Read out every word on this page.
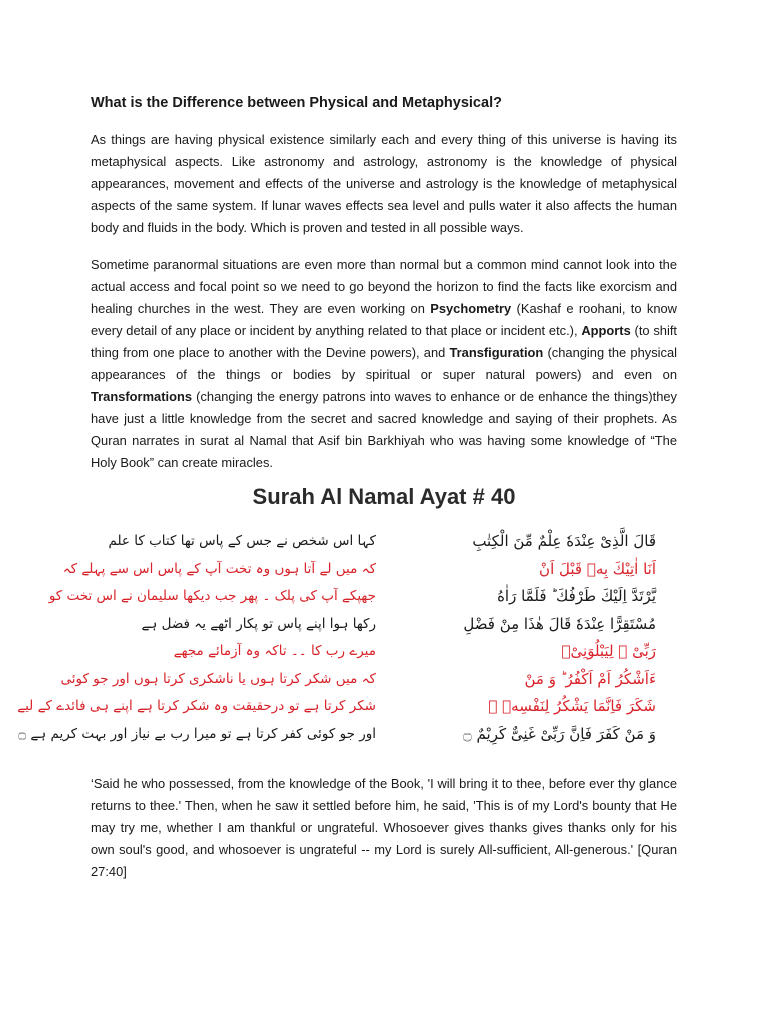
What is the Difference between Physical and Metaphysical?

As things are having physical existence similarly each and every thing of this universe is having its metaphysical aspects. Like astronomy and astrology, astronomy is the knowledge of physical appearances, movement and effects of the universe and astrology is the knowledge of metaphysical aspects of the same system. If lunar waves effects sea level and pulls water it also affects the human body and fluids in the body. Which is proven and tested in all possible ways.

Sometime paranormal situations are even more than normal but a common mind cannot look into the actual access and focal point so we need to go beyond the horizon to find the facts like exorcism and healing churches in the west. They are even working on Psychometry (Kashaf e roohani, to know every detail of any place or incident by anything related to that place or incident etc.), Apports (to shift thing from one place to another with the Devine powers), and Transfiguration (changing the physical appearances of the things or bodies by spiritual or super natural powers) and even on Transformations (changing the energy patrons into waves to enhance or de enhance the things)they have just a little knowledge from the secret and sacred knowledge and saying of their prophets. As Quran narrates in surat al Namal that Asif bin Barkhiyah who was having some knowledge of “The Holy Book” can create miracles.

Surah Al Namal Ayat # 40
کہا اس شخص نے جس کے پاس تھا کتاب کا علم
کہ میں لے آتا ہوں وہ تخت آپ کے پاس اس سے پہلے کہ
جھپکے آپ کی پلک ۔ پھر جب دیکھا سلیمان نے اس تخت کو
رکھا ہوا اپنے پاس تو پکار اٹھے یہ فضل ہے
میرے رب کا ۔۔ تاکہ وہ آزمائے مجھے
کہ میں شکر کرتا ہوں یا ناشکری کرتا ہوں اور جو کوئی
شکر کرتا ہے تو درحقیقت وہ شکر کرتا ہے اپنے ہی فائدے کے لیے
اور جو کوئی کفر کرتا ہے تو میرا رب بے نیاز اور بہت کریم ہے ۝
قَالَ الَّذِیْ عِنْدَهٗ عِلْمٌ مِّنَ الْكِتٰبِ
اَنَا اٰتِیْكَ بِهٖ قَبْلَ اَنْ
یَّرْتَدَّ اِلَیْكَ طَرْفُكَ ؕ فَلَمَّا رَاٰهُ
مُسْتَقِرًّا عِنْدَهٗ قَالَ هٰذَا مِنْ فَضْلِ
رَبِّیْ ۫ لِیَبْلُوَنِیْۤ
ءَاَشْكُرُ اَمْ اَكْفُرُ ؕ وَ مَنْ
شَكَرَ فَاِنَّمَا یَشْكُرُ لِنَفْسِهٖ ۚ
وَ مَنْ كَفَرَ فَاِنَّ رَبِّیْ غَنِیٌّ كَرِیْمٌ ۝

‘Said he who possessed, from the knowledge of the Book, 'I will bring it to thee, before ever thy glance returns to thee.' Then, when he saw it settled before him, he said, 'This is of my Lord's bounty that He may try me, whether I am thankful or ungrateful. Whosoever gives thanks gives thanks only for his own soul's good, and whosoever is ungrateful -- my Lord is surely All-sufficient, All-generous.' [Quran 27:40]
